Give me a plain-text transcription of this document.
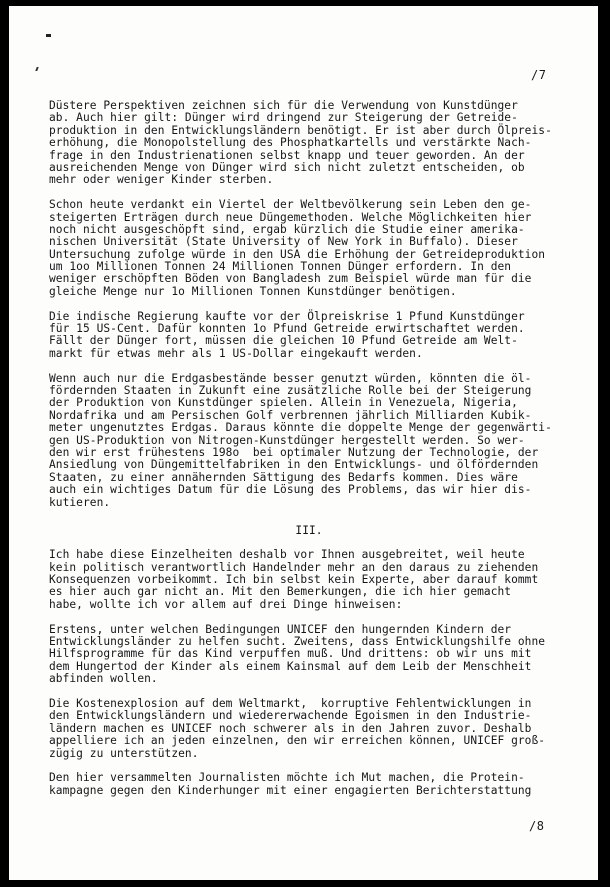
/7
Düstere Perspektiven zeichnen sich für die Verwendung von Kunstdünger
ab. Auch hier gilt: Dünger wird dringend zur Steigerung der Getreide-
produktion in den Entwicklungsländern benötigt. Er ist aber durch Ölpreis-
erhöhung, die Monopolstellung des Phosphatkartells und verstärkte Nach-
frage in den Industrienationen selbst knapp und teuer geworden. An der
ausreichenden Menge von Dünger wird sich nicht zuletzt entscheiden, ob
mehr oder weniger Kinder sterben.
Schon heute verdankt ein Viertel der Weltbevölkerung sein Leben den ge-
steigerten Erträgen durch neue Düngemethoden. Welche Möglichkeiten hier
noch nicht ausgeschöpft sind, ergab kürzlich die Studie einer amerika-
nischen Universität (State University of New York in Buffalo). Dieser
Untersuchung zufolge würde in den USA die Erhöhung der Getreideproduktion
um 1oo Millionen Tonnen 24 Millionen Tonnen Dünger erfordern. In den
weniger erschöpften Böden von Bangladesh zum Beispiel würde man für die
gleiche Menge nur 1o Millionen Tonnen Kunstdünger benötigen.
Die indische Regierung kaufte vor der Ölpreiskrise 1 Pfund Kunstdünger
für 15 US-Cent. Dafür konnten 1o Pfund Getreide erwirtschaftet werden.
Fällt der Dünger fort, müssen die gleichen 10 Pfund Getreide am Welt-
markt für etwas mehr als 1 US-Dollar eingekauft werden.
Wenn auch nur die Erdgasbestände besser genutzt würden, könnten die öl-
fördernden Staaten in Zukunft eine zusätzliche Rolle bei der Steigerung
der Produktion von Kunstdünger spielen. Allein in Venezuela, Nigeria,
Nordafrika und am Persischen Golf verbrennen jährlich Milliarden Kubik-
meter ungenutztes Erdgas. Daraus könnte die doppelte Menge der gegenwärti-
gen US-Produktion von Nitrogen-Kunstdünger hergestellt werden. So wer-
den wir erst frühestens 198o  bei optimaler Nutzung der Technologie, der
Ansiedlung von Düngemittelfabriken in den Entwicklungs- und ölfördernden
Staaten, zu einer annähernden Sättigung des Bedarfs kommen. Dies wäre
auch ein wichtiges Datum für die Lösung des Problems, das wir hier dis-
kutieren.
III.
Ich habe diese Einzelheiten deshalb vor Ihnen ausgebreitet, weil heute
kein politisch verantwortlich Handelnder mehr an den daraus zu ziehenden
Konsequenzen vorbeikommt. Ich bin selbst kein Experte, aber darauf kommt
es hier auch gar nicht an. Mit den Bemerkungen, die ich hier gemacht
habe, wollte ich vor allem auf drei Dinge hinweisen:
Erstens, unter welchen Bedingungen UNICEF den hungernden Kindern der
Entwicklungsländer zu helfen sucht. Zweitens, dass Entwicklungshilfe ohne
Hilfsprogramme für das Kind verpuffen muß. Und drittens: ob wir uns mit
dem Hungertod der Kinder als einem Kainsmal auf dem Leib der Menschheit
abfinden wollen.
Die Kostenexplosion auf dem Weltmarkt,  korruptive Fehlentwicklungen in
den Entwicklungsländern und wiedererwachende Egoismen in den Industrie-
ländern machen es UNICEF noch schwerer als in den Jahren zuvor. Deshalb
appelliere ich an jeden einzelnen, den wir erreichen können, UNICEF groß-
zügig zu unterstützen.
Den hier versammelten Journalisten möchte ich Mut machen, die Protein-
kampagne gegen den Kinderhunger mit einer engagierten Berichterstattung
/8
